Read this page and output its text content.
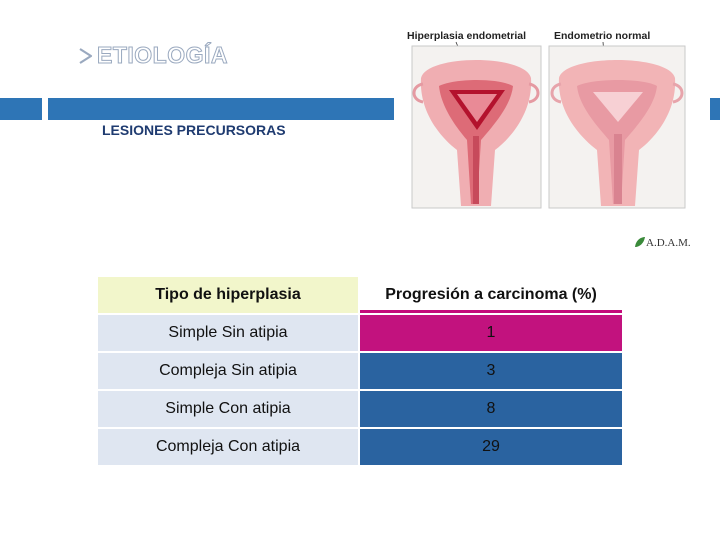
ETIOLOGÍA
LESIONES PRECURSORAS
Hiperplasia endometrial	Endometrio normal
A.D.A.M.
Tipo de hiperplasia	Progresión a carcinoma (%)
Simple Sin atipia	1
Compleja Sin atipia	3
Simple Con atipia	8
Compleja Con atipia	29
